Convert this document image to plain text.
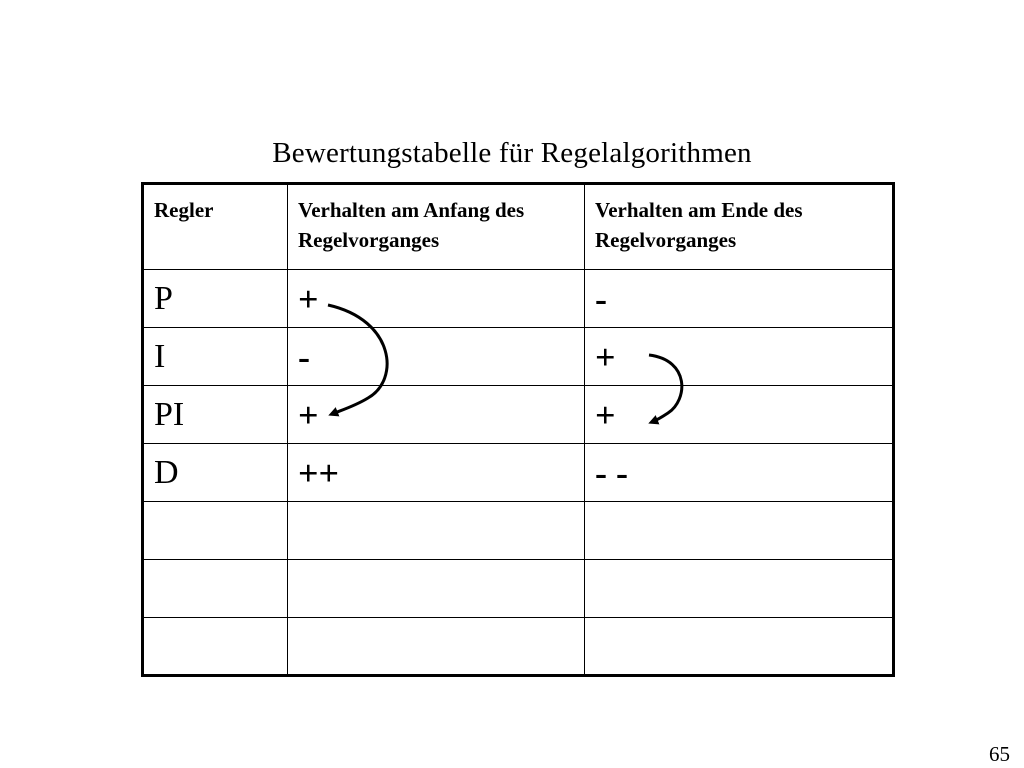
Bewertungstabelle für Regelalgorithmen
Regler	Verhalten am Anfang des Regelvorganges	Verhalten am Ende des Regelvorganges
P	+	-
I	-	+
PI	+	+
D	++	- -

65
